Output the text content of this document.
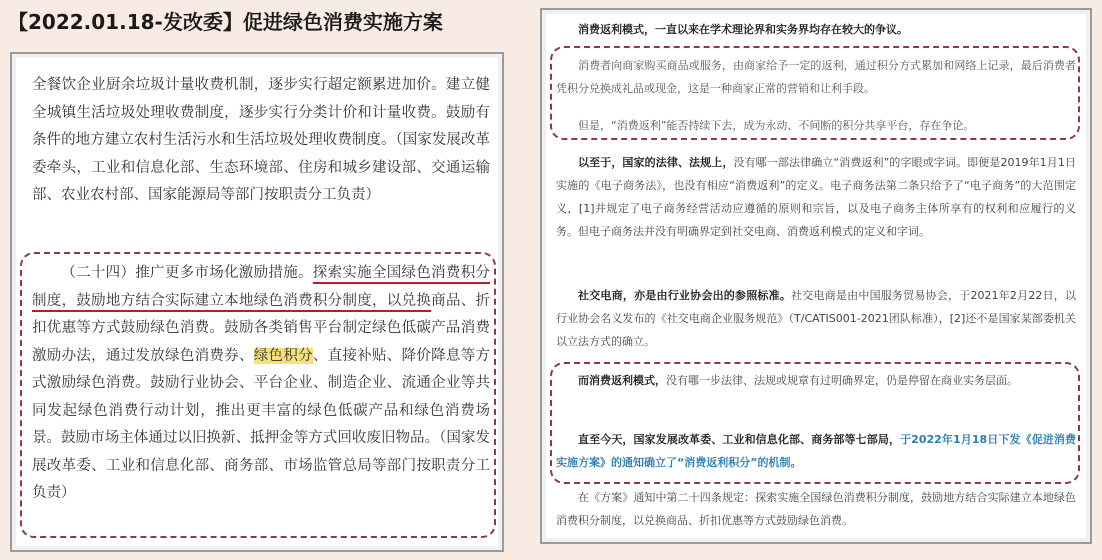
【2022.01.18-发改委】促进绿色消费实施方案

全餐饮企业厨余垃圾计量收费机制，逐步实行超定额累进加价。建立健全城镇生活垃圾处理收费制度，逐步实行分类计价和计量收费。鼓励有条件的地方建立农村生活污水和生活垃圾处理收费制度。（国家发展改革委牵头，工业和信息化部、生态环境部、住房和城乡建设部、交通运输部、农业农村部、国家能源局等部门按职责分工负责）

（二十四）推广更多市场化激励措施。探索实施全国绿色消费积分制度，鼓励地方结合实际建立本地绿色消费积分制度，以兑换商品、折扣优惠等方式鼓励绿色消费。鼓励各类销售平台制定绿色低碳产品消费激励办法，通过发放绿色消费券、绿色积分、直接补贴、降价降息等方式激励绿色消费。鼓励行业协会、平台企业、制造企业、流通企业等共同发起绿色消费行动计划，推出更丰富的绿色低碳产品和绿色消费场景。鼓励市场主体通过以旧换新、抵押金等方式回收废旧物品。（国家发展改革委、工业和信息化部、商务部、市场监管总局等部门按职责分工负责）

消费返利模式，一直以来在学术理论界和实务界均存在较大的争议。

消费者向商家购买商品或服务，由商家给予一定的返利，通过积分方式累加和网络上记录，最后消费者凭积分兑换成礼品或现金，这是一种商家正常的营销和让利手段。

但是，“消费返利”能否持续下去，成为永动、不间断的积分共享平台，存在争论。

以至于，国家的法律、法规上，没有哪一部法律确立“消费返利”的字眼或字词。即便是2019年1月1日实施的《电子商务法》，也没有相应“消费返利”的定义。电子商务法第二条只给予了“电子商务”的大范围定义，[1]并规定了电子商务经营活动应遵循的原则和宗旨，以及电子商务主体所享有的权利和应履行的义务。但电子商务法并没有明确界定到社交电商、消费返利模式的定义和字词。

社交电商，亦是由行业协会出的参照标准。社交电商是由中国服务贸易协会，于2021年2月22日，以行业协会名义发布的《社交电商企业服务规范》（T/CATIS001-2021团队标准），[2]还不是国家某部委机关以立法方式的确立。

而消费返利模式，没有哪一步法律、法规或规章有过明确界定，仍是停留在商业实务层面。

直至今天，国家发展改革委、工业和信息化部、商务部等七部局，于2022年1月18日下发《促进消费实施方案》的通知确立了“消费返利积分”的机制。

在《方案》通知中第二十四条规定：探索实施全国绿色消费积分制度，鼓励地方结合实际建立本地绿色消费积分制度，以兑换商品、折扣优惠等方式鼓励绿色消费。
